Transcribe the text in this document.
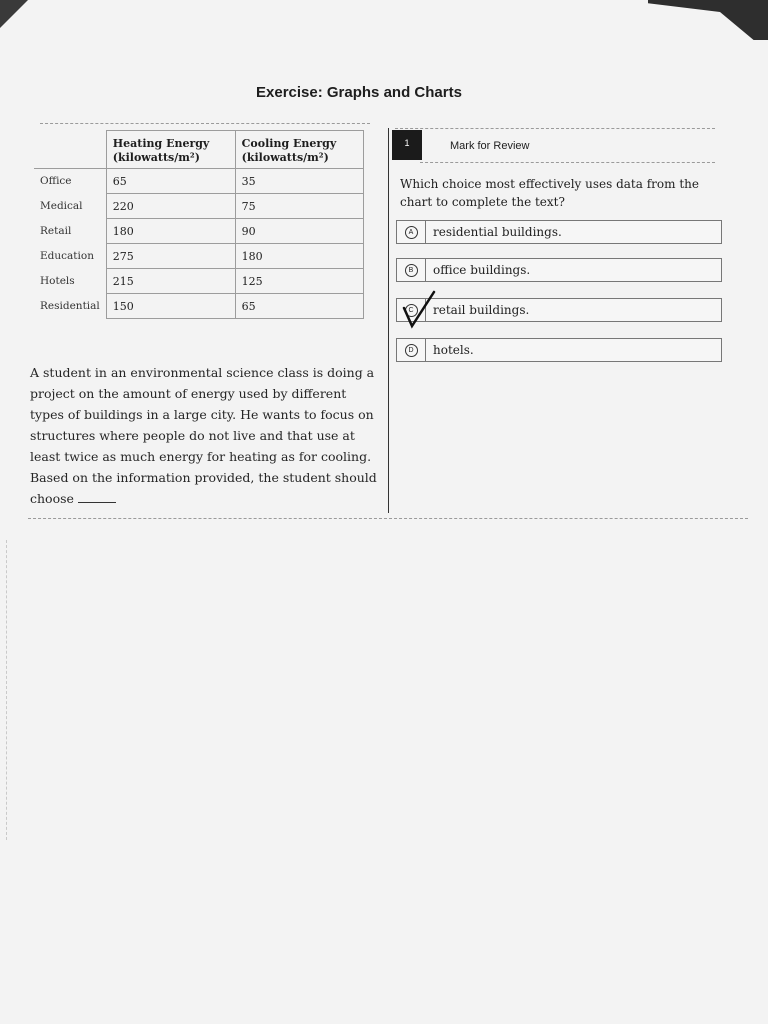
Exercise: Graphs and Charts
	Heating Energy (kilowatts/m²)	Cooling Energy (kilowatts/m²)
Office	65	35
Medical	220	75
Retail	180	90
Education	275	180
Hotels	215	125
Residential	150	65
A student in an environmental science class is doing a project on the amount of energy used by different types of buildings in a large city. He wants to focus on structures where people do not live and that use at least twice as much energy for heating as for cooling. Based on the information provided, the student should choose
1	Mark for Review
Which choice most effectively uses data from the chart to complete the text?
A	residential buildings.
B	office buildings.
C	retail buildings.
D	hotels.
